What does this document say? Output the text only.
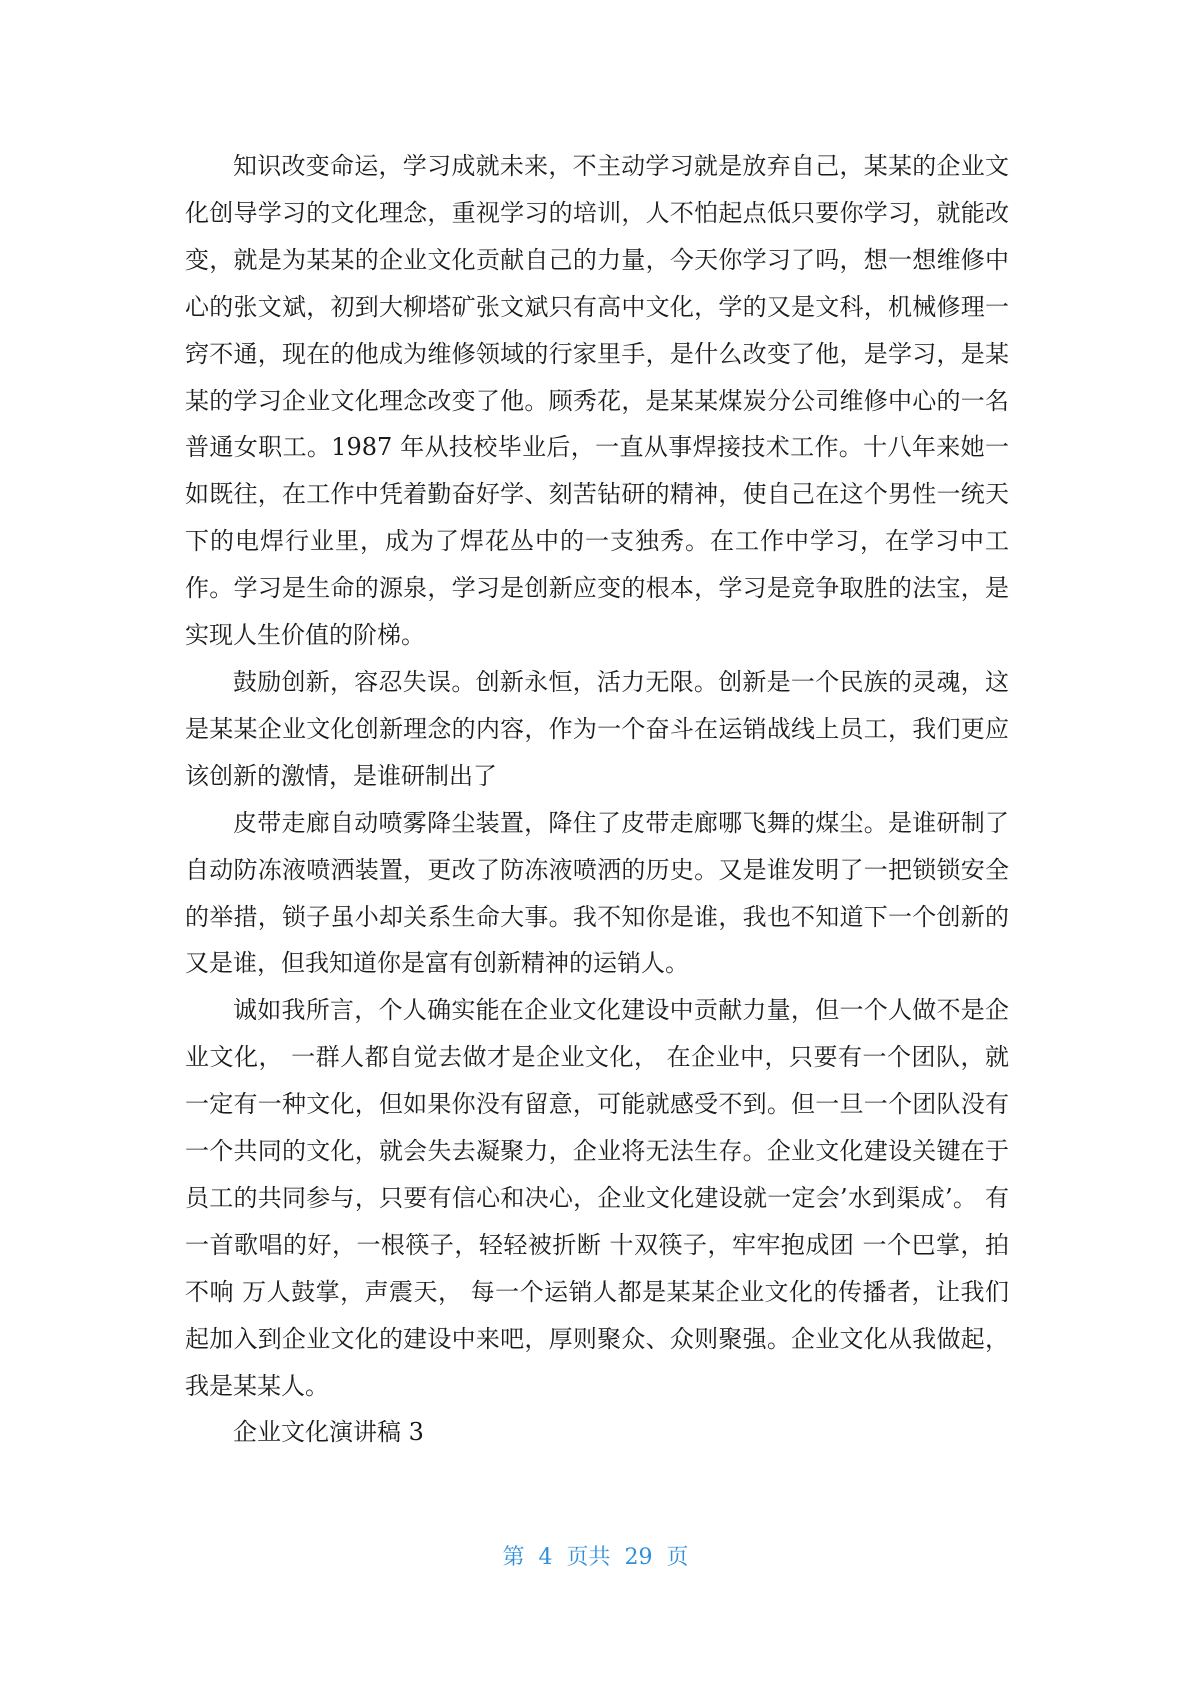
知识改变命运，学习成就未来，不主动学习就是放弃自己，某某的企业文化创导学习的文化理念，重视学习的培训，人不怕起点低只要你学习，就能改变，就是为某某的企业文化贡献自己的力量，今天你学习了吗，想一想维修中心的张文斌，初到大柳塔矿张文斌只有高中文化，学的又是文科，机械修理一窍不通，现在的他成为维修领域的行家里手，是什么改变了他，是学习，是某某的学习企业文化理念改变了他。顾秀花，是某某煤炭分公司维修中心的一名普通女职工。1987 年从技校毕业后，一直从事焊接技术工作。十八年来她一如既往，在工作中凭着勤奋好学、刻苦钻研的精神，使自己在这个男性一统天下的电焊行业里，成为了焊花丛中的一支独秀。在工作中学习，在学习中工作。学习是生命的源泉，学习是创新应变的根本，学习是竞争取胜的法宝，是实现人生价值的阶梯。

鼓励创新，容忍失误。创新永恒，活力无限。创新是一个民族的灵魂，这是某某企业文化创新理念的内容，作为一个奋斗在运销战线上员工，我们更应该创新的激情，是谁研制出了

皮带走廊自动喷雾降尘装置，降住了皮带走廊哪飞舞的煤尘。是谁研制了自动防冻液喷洒装置，更改了防冻液喷洒的历史。又是谁发明了一把锁锁安全的举措，锁子虽小却关系生命大事。我不知你是谁，我也不知道下一个创新的又是谁，但我知道你是富有创新精神的运销人。

诚如我所言，个人确实能在企业文化建设中贡献力量，但一个人做不是企业文化， 一群人都自觉去做才是企业文化， 在企业中，只要有一个团队，就一定有一种文化，但如果你没有留意，可能就感受不到。但一旦一个团队没有一个共同的文化，就会失去凝聚力，企业将无法生存。企业文化建设关键在于员工的共同参与，只要有信心和决心，企业文化建设就一定会’水到渠成’。 有一首歌唱的好，一根筷子，轻轻被折断 十双筷子，牢牢抱成团 一个巴掌，拍不响 万人鼓掌，声震天， 每一个运销人都是某某企业文化的传播者，让我们起加入到企业文化的建设中来吧，厚则聚众、众则聚强。企业文化从我做起，我是某某人。

企业文化演讲稿 3

第  4  页共  29  页
